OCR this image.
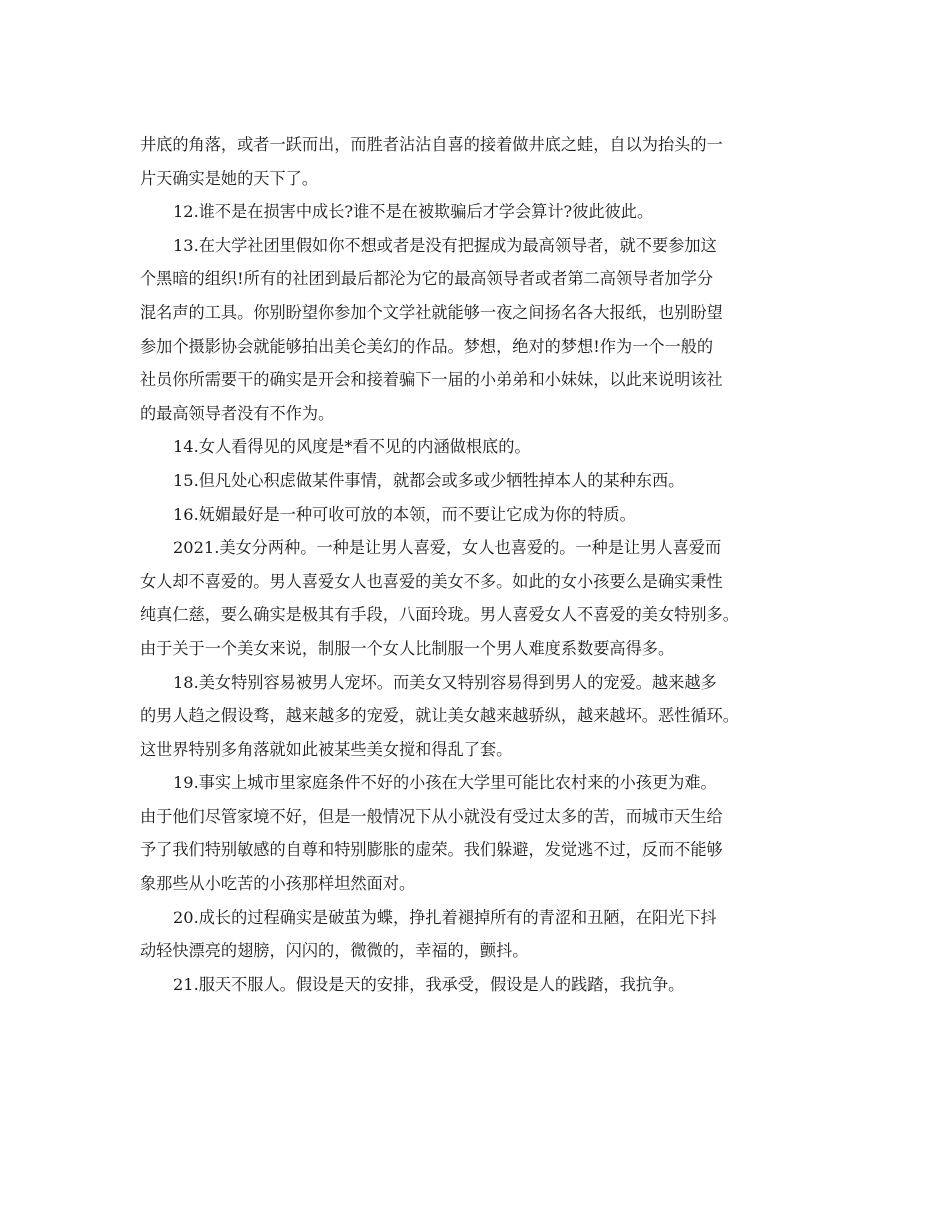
井底的角落，或者一跃而出，而胜者沾沾自喜的接着做井底之蛙，自以为抬头的一
片天确实是她的天下了。
12.谁不是在损害中成长?谁不是在被欺骗后才学会算计?彼此彼此。
13.在大学社团里假如你不想或者是没有把握成为最高领导者，就不要参加这
个黑暗的组织!所有的社团到最后都沦为它的最高领导者或者第二高领导者加学分
混名声的工具。你别盼望你参加个文学社就能够一夜之间扬名各大报纸，也别盼望
参加个摄影协会就能够拍出美仑美幻的作品。梦想，绝对的梦想!作为一个一般的
社员你所需要干的确实是开会和接着骗下一届的小弟弟和小妹妹，以此来说明该社
的最高领导者没有不作为。
14.女人看得见的风度是*看不见的内涵做根底的。
15.但凡处心积虑做某件事情，就都会或多或少牺牲掉本人的某种东西。
16.妩媚最好是一种可收可放的本领，而不要让它成为你的特质。
2021.美女分两种。一种是让男人喜爱，女人也喜爱的。一种是让男人喜爱而
女人却不喜爱的。男人喜爱女人也喜爱的美女不多。如此的女小孩要么是确实秉性
纯真仁慈，要么确实是极其有手段，八面玲珑。男人喜爱女人不喜爱的美女特别多。
由于关于一个美女来说，制服一个女人比制服一个男人难度系数要高得多。
18.美女特别容易被男人宠坏。而美女又特别容易得到男人的宠爱。越来越多
的男人趋之假设骛，越来越多的宠爱，就让美女越来越骄纵，越来越坏。恶性循环。
这世界特别多角落就如此被某些美女搅和得乱了套。
19.事实上城市里家庭条件不好的小孩在大学里可能比农村来的小孩更为难。
由于他们尽管家境不好，但是一般情况下从小就没有受过太多的苦，而城市天生给
予了我们特别敏感的自尊和特别膨胀的虚荣。我们躲避，发觉逃不过，反而不能够
象那些从小吃苦的小孩那样坦然面对。
20.成长的过程确实是破茧为蝶，挣扎着褪掉所有的青涩和丑陋，在阳光下抖
动轻快漂亮的翅膀，闪闪的，微微的，幸福的，颤抖。
21.服天不服人。假设是天的安排，我承受，假设是人的践踏，我抗争。
